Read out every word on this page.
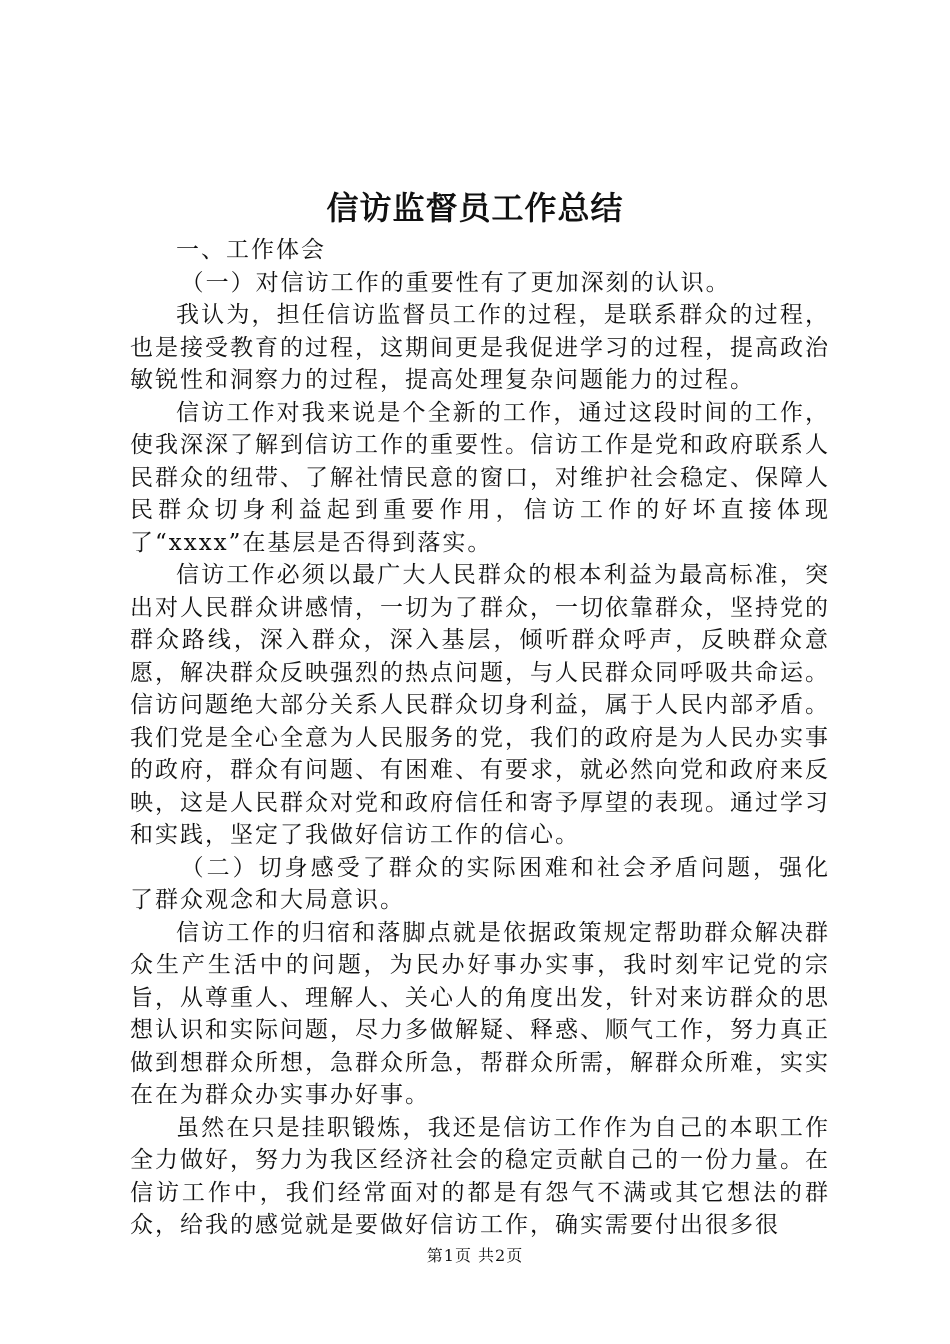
信访监督员工作总结

一、工作体会

（一）对信访工作的重要性有了更加深刻的认识。

我认为，担任信访监督员工作的过程，是联系群众的过程，也是接受教育的过程，这期间更是我促进学习的过程，提高政治敏锐性和洞察力的过程，提高处理复杂问题能力的过程。

信访工作对我来说是个全新的工作，通过这段时间的工作，使我深深了解到信访工作的重要性。信访工作是党和政府联系人民群众的纽带、了解社情民意的窗口，对维护社会稳定、保障人民群众切身利益起到重要作用，信访工作的好坏直接体现了“xxxx”在基层是否得到落实。

信访工作必须以最广大人民群众的根本利益为最高标准，突出对人民群众讲感情，一切为了群众，一切依靠群众，坚持党的群众路线，深入群众，深入基层，倾听群众呼声，反映群众意愿，解决群众反映强烈的热点问题，与人民群众同呼吸共命运。信访问题绝大部分关系人民群众切身利益，属于人民内部矛盾。我们党是全心全意为人民服务的党，我们的政府是为人民办实事的政府，群众有问题、有困难、有要求，就必然向党和政府来反映，这是人民群众对党和政府信任和寄予厚望的表现。通过学习和实践，坚定了我做好信访工作的信心。

（二）切身感受了群众的实际困难和社会矛盾问题，强化了群众观念和大局意识。

信访工作的归宿和落脚点就是依据政策规定帮助群众解决群众生产生活中的问题，为民办好事办实事，我时刻牢记党的宗旨，从尊重人、理解人、关心人的角度出发，针对来访群众的思想认识和实际问题，尽力多做解疑、释惑、顺气工作，努力真正做到想群众所想，急群众所急，帮群众所需，解群众所难，实实在在为群众办实事办好事。

虽然在只是挂职锻炼，我还是信访工作作为自己的本职工作全力做好，努力为我区经济社会的稳定贡献自己的一份力量。在信访工作中，我们经常面对的都是有怨气不满或其它想法的群众，给我的感觉就是要做好信访工作，确实需要付出很多很

第1页 共2页
